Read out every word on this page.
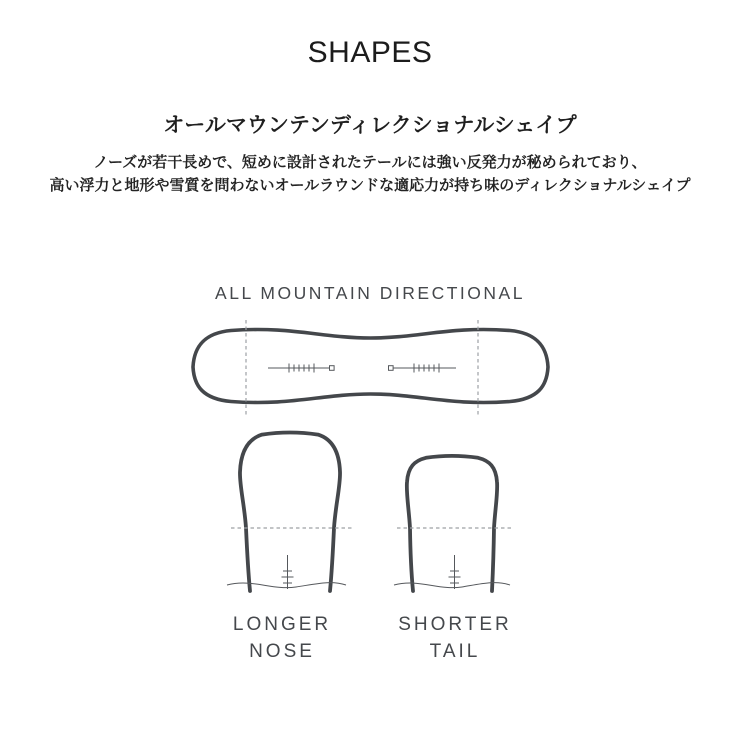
SHAPES
オールマウンテンディレクショナルシェイプ
ノーズが若干長めで、短めに設計されたテールには強い反発力が秘められており、
高い浮力と地形や雪質を問わないオールラウンドな適応力が持ち味のディレクショナルシェイプ
ALL MOUNTAIN DIRECTIONAL
LONGER
NOSE
SHORTER
TAIL
